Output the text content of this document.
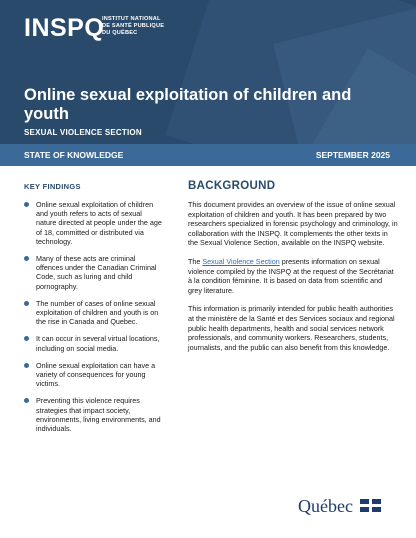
INSPQ
INSTITUT NATIONAL
DE SANTÉ PUBLIQUE
DU QUÉBEC
Online sexual exploitation of children and youth
SEXUAL VIOLENCE SECTION
STATE OF KNOWLEDGE	SEPTEMBER 2025
KEY FINDINGS
Online sexual exploitation of children and youth refers to acts of sexual nature directed at people under the age of 18, committed or distributed via technology.
Many of these acts are criminal offences under the Canadian Criminal Code, such as luring and child pornography.
The number of cases of online sexual exploitation of children and youth is on the rise in Canada and Quebec.
It can occur in several virtual locations, including on social media.
Online sexual exploitation can have a variety of consequences for young victims.
Preventing this violence requires strategies that impact society, environments, living environments, and individuals.
BACKGROUND

This document provides an overview of the issue of online sexual exploitation of children and youth. It has been prepared by two researchers specialized in forensic psychology and criminology, in collaboration with the INSPQ. It complements the other texts in the Sexual Violence Section, available on the INSPQ website.

The Sexual Violence Section presents information on sexual violence compiled by the INSPQ at the request of the Secrétariat à la condition féminine. It is based on data from scientific and grey literature.

This information is primarily intended for public health authorities at the ministère de la Santé et des Services sociaux and regional public health departments, health and social services network professionals, and community workers. Researchers, students, journalists, and the public can also benefit from this knowledge.

Québec
